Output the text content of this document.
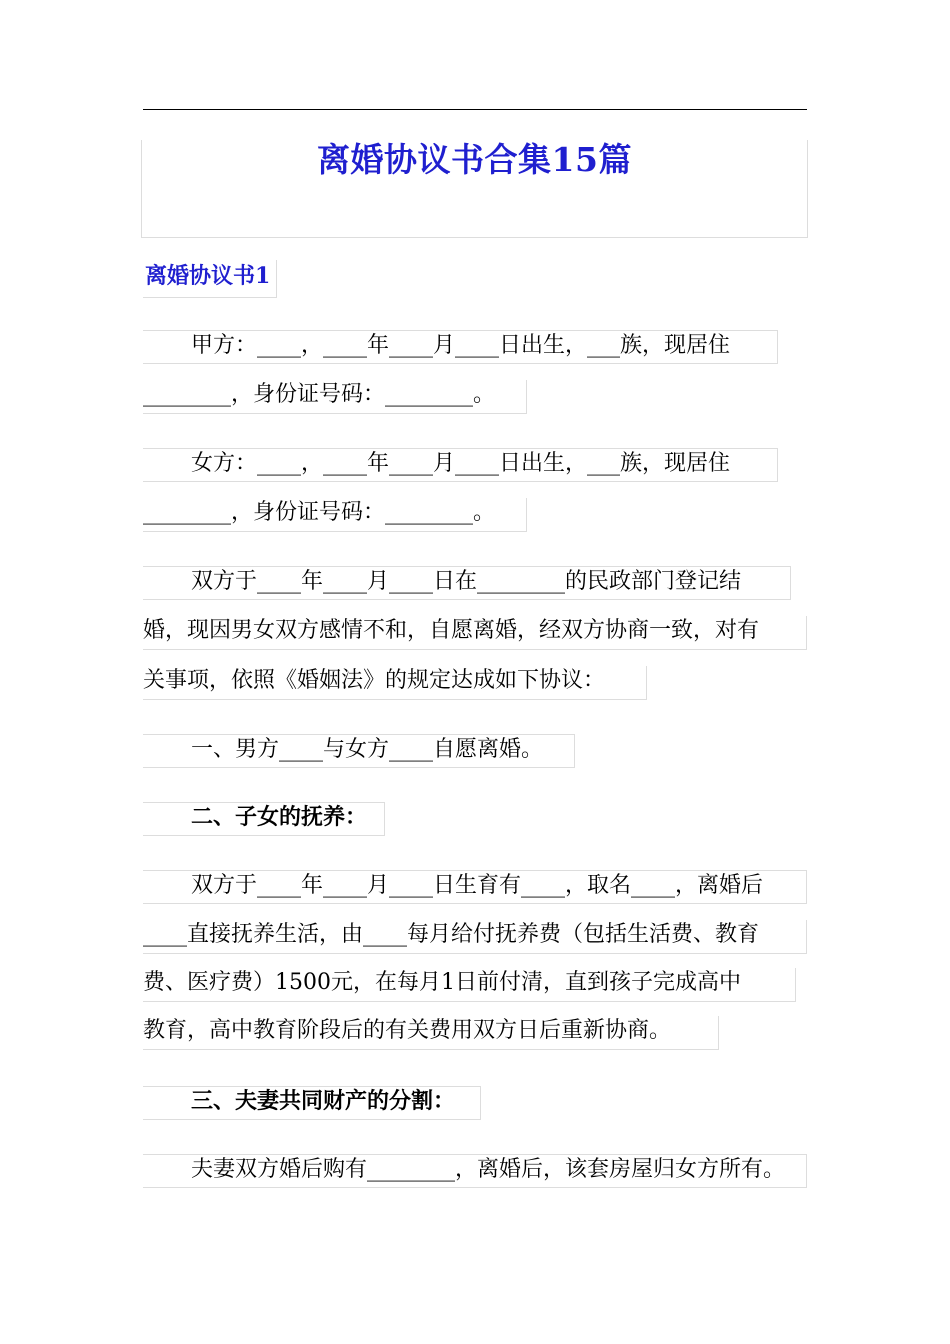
离婚协议书合集15篇
离婚协议书1
甲方：____，____年____月____日出生，___族，现居住
________，身份证号码：________。
女方：____，____年____月____日出生，___族，现居住
________，身份证号码：________。
双方于____年____月____日在________的民政部门登记结
婚，现因男女双方感情不和，自愿离婚，经双方协商一致，对有
关事项，依照《婚姻法》的规定达成如下协议：
一、男方____与女方____自愿离婚。
二、子女的抚养：
双方于____年____月____日生育有____，取名____，离婚后
____直接抚养生活，由____每月给付抚养费（包括生活费、教育
费、医疗费）1500元，在每月1日前付清，直到孩子完成高中
教育，高中教育阶段后的有关费用双方日后重新协商。
三、夫妻共同财产的分割：
夫妻双方婚后购有________，离婚后，该套房屋归女方所有。
